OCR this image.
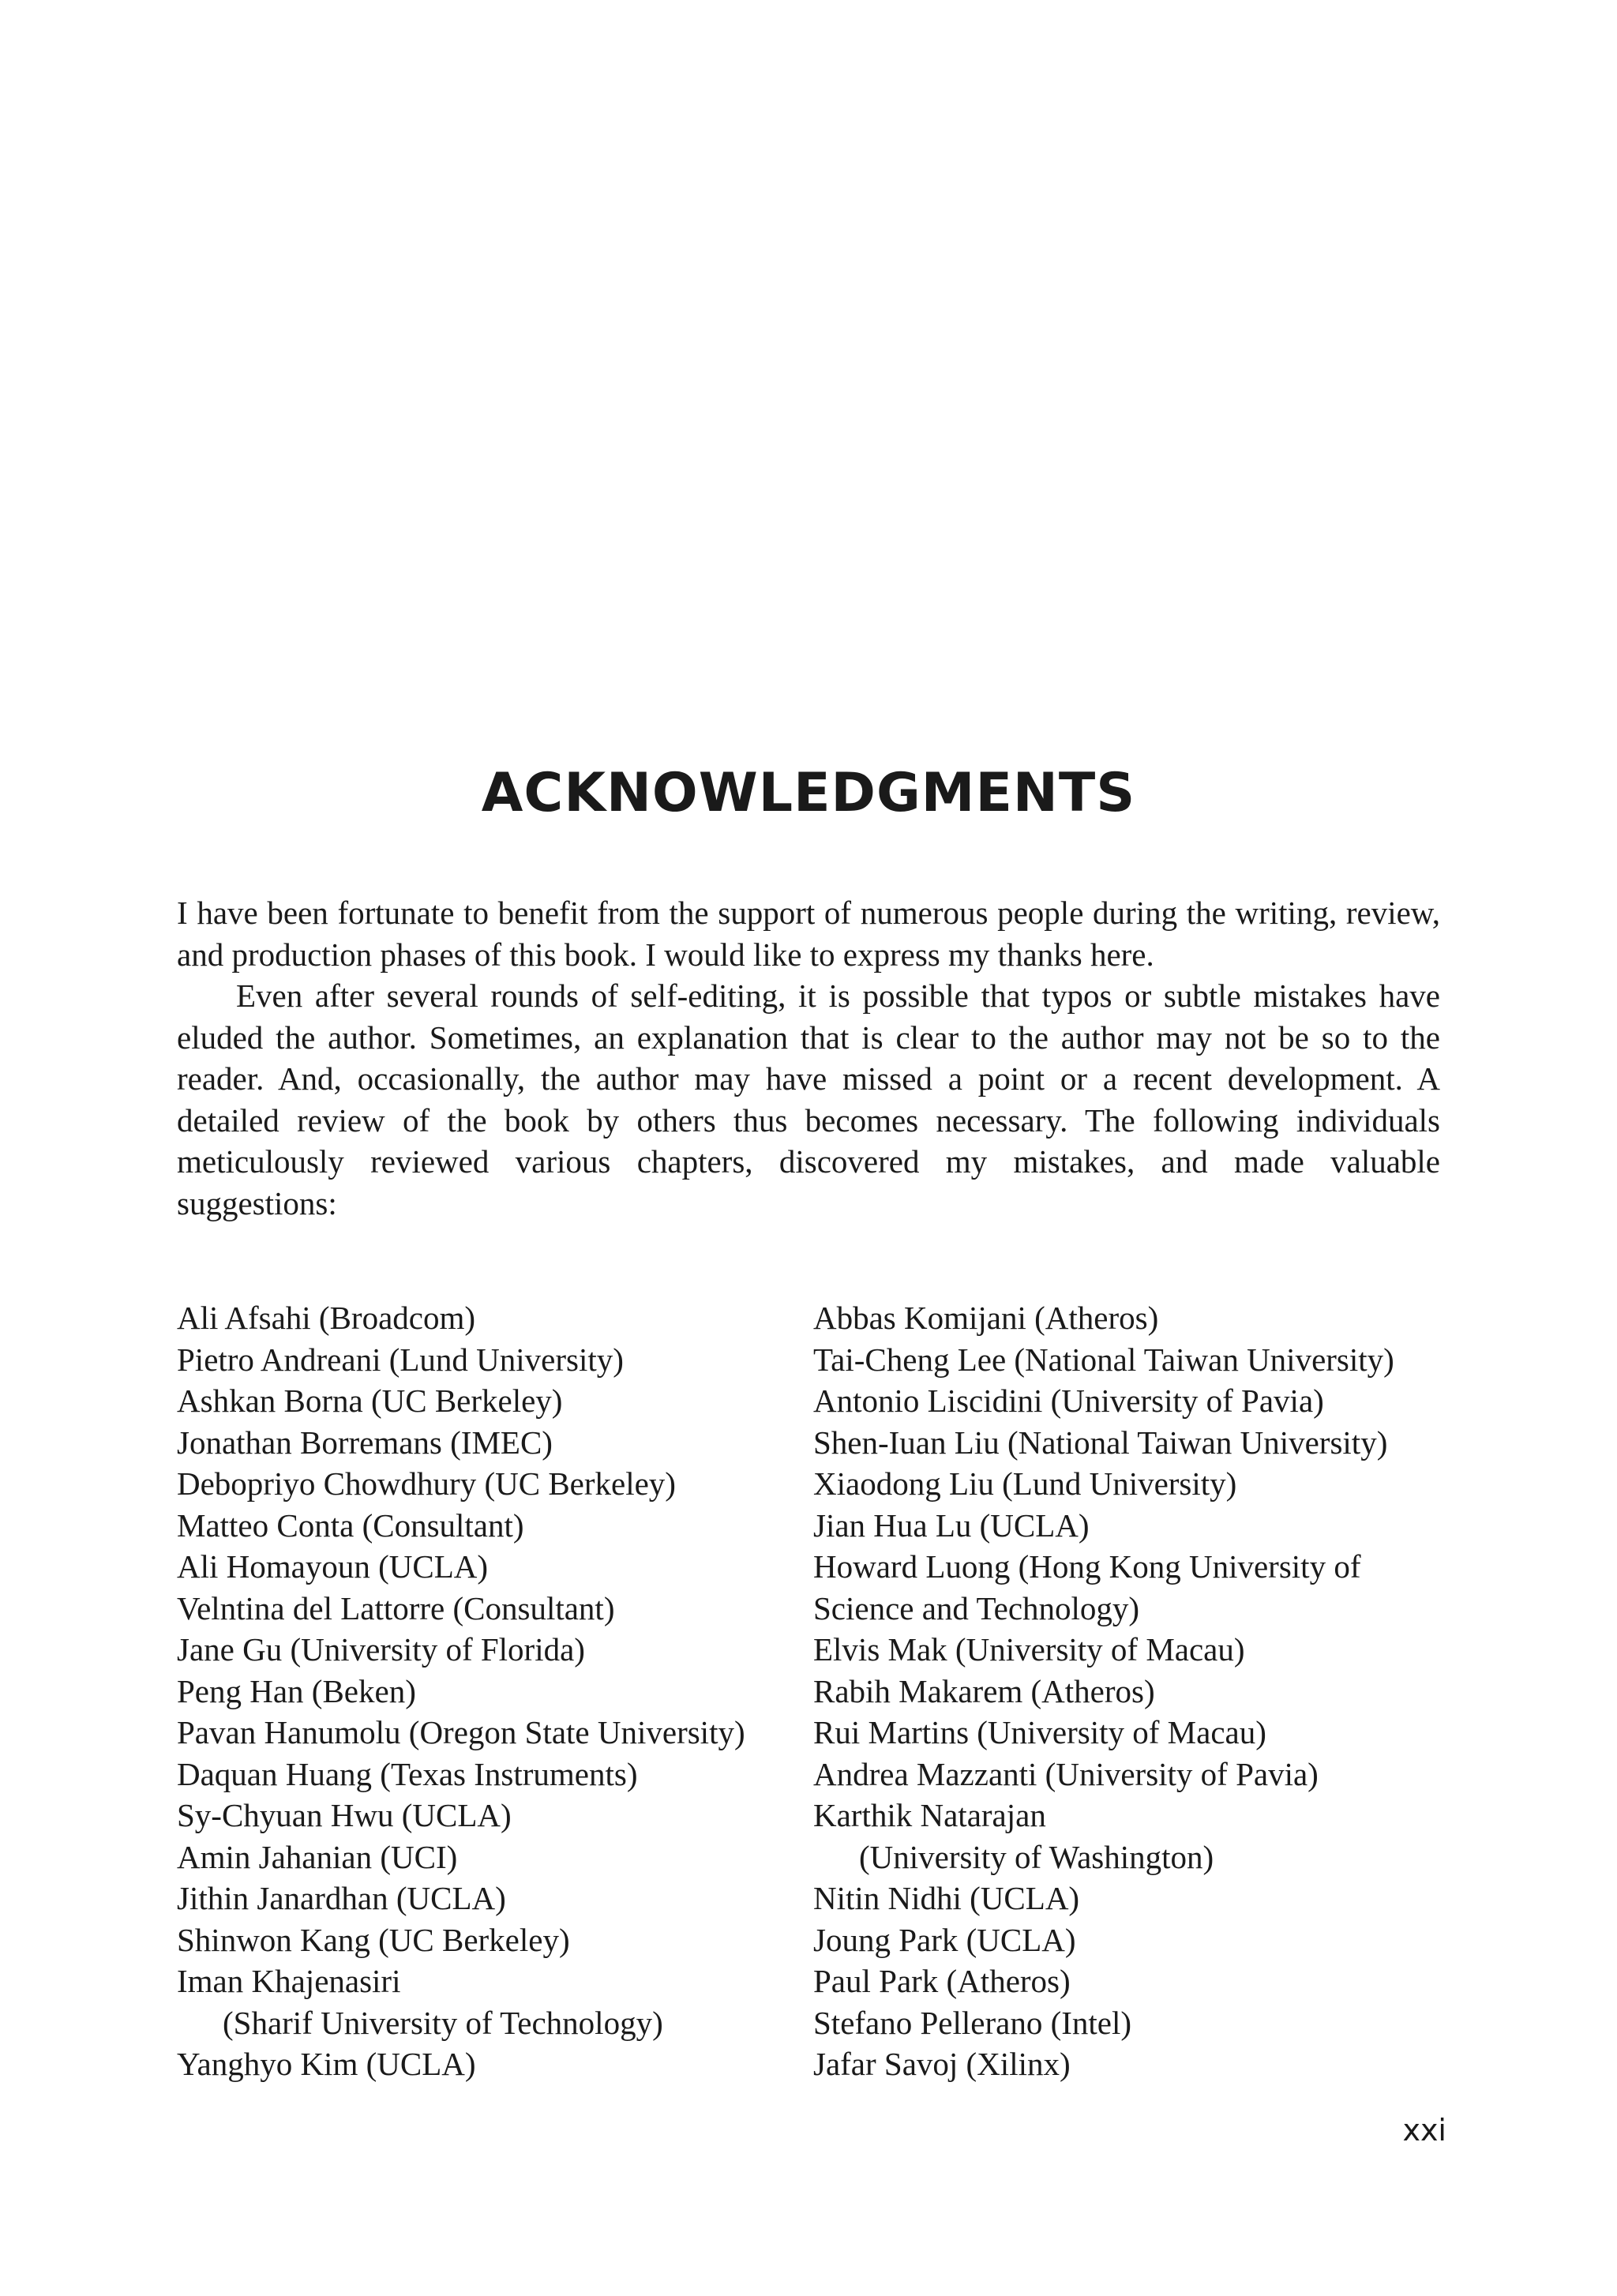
ACKNOWLEDGMENTS

I have been fortunate to benefit from the support of numerous people during the writing, review, and production phases of this book. I would like to express my thanks here.

Even after several rounds of self-editing, it is possible that typos or subtle mistakes have eluded the author. Sometimes, an explanation that is clear to the author may not be so to the reader. And, occasionally, the author may have missed a point or a recent development. A detailed review of the book by others thus becomes necessary. The following individuals meticulously reviewed various chapters, discovered my mistakes, and made valuable suggestions:

Ali Afsahi (Broadcom)
Pietro Andreani (Lund University)
Ashkan Borna (UC Berkeley)
Jonathan Borremans (IMEC)
Debopriyo Chowdhury (UC Berkeley)
Matteo Conta (Consultant)
Ali Homayoun (UCLA)
Velntina del Lattorre (Consultant)
Jane Gu (University of Florida)
Peng Han (Beken)
Pavan Hanumolu (Oregon State University)
Daquan Huang (Texas Instruments)
Sy-Chyuan Hwu (UCLA)
Amin Jahanian (UCI)
Jithin Janardhan (UCLA)
Shinwon Kang (UC Berkeley)
Iman Khajenasiri
(Sharif University of Technology)
Yanghyo Kim (UCLA)
Abbas Komijani (Atheros)
Tai-Cheng Lee (National Taiwan University)
Antonio Liscidini (University of Pavia)
Shen-Iuan Liu (National Taiwan University)
Xiaodong Liu (Lund University)
Jian Hua Lu (UCLA)
Howard Luong (Hong Kong University of
Science and Technology)
Elvis Mak (University of Macau)
Rabih Makarem (Atheros)
Rui Martins (University of Macau)
Andrea Mazzanti (University of Pavia)
Karthik Natarajan
(University of Washington)
Nitin Nidhi (UCLA)
Joung Park (UCLA)
Paul Park (Atheros)
Stefano Pellerano (Intel)
Jafar Savoj (Xilinx)

xxi
